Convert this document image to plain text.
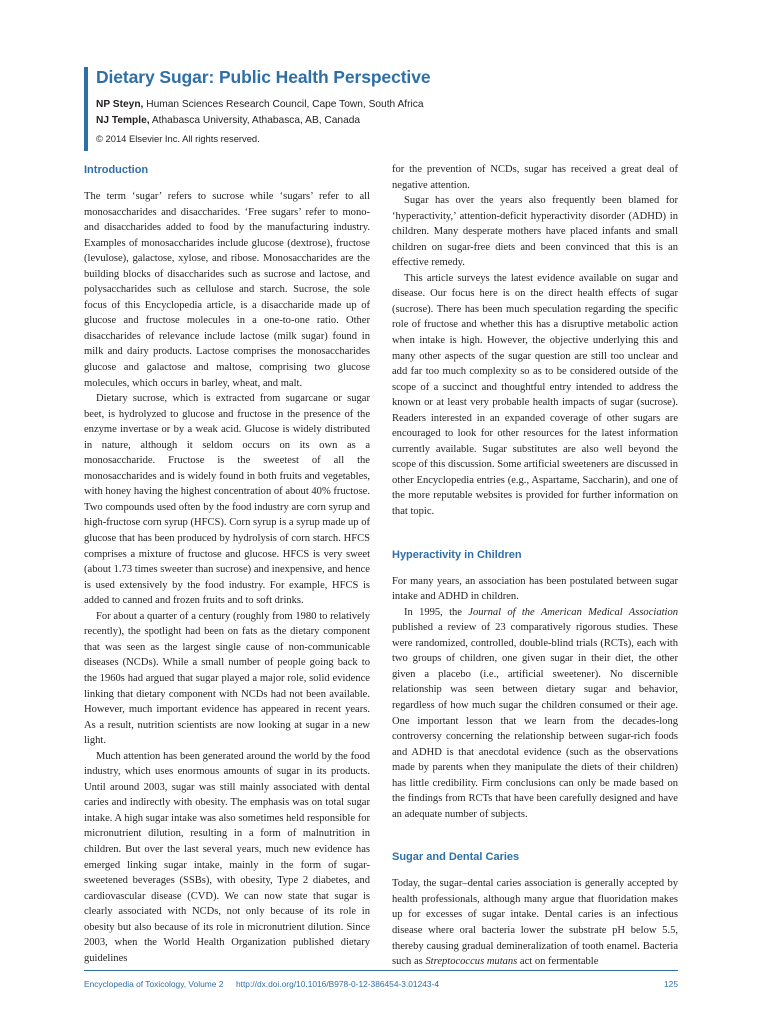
Dietary Sugar: Public Health Perspective
NP Steyn, Human Sciences Research Council, Cape Town, South Africa
NJ Temple, Athabasca University, Athabasca, AB, Canada
© 2014 Elsevier Inc. All rights reserved.
Introduction

The term ‘sugar’ refers to sucrose while ‘sugars’ refer to all monosaccharides and disaccharides. ‘Free sugars’ refer to mono- and disaccharides added to food by the manufacturing industry. Examples of monosaccharides include glucose (dextrose), fructose (levulose), galactose, xylose, and ribose. Monosaccharides are the building blocks of disaccharides such as sucrose and lactose, and polysaccharides such as cellulose and starch. Sucrose, the sole focus of this Encyclopedia article, is a disaccharide made up of glucose and fructose molecules in a one-to-one ratio. Other disaccharides of relevance include lactose (milk sugar) found in milk and dairy products. Lactose comprises the monosaccharides glucose and galactose and maltose, comprising two glucose molecules, which occurs in barley, wheat, and malt.

Dietary sucrose, which is extracted from sugarcane or sugar beet, is hydrolyzed to glucose and fructose in the presence of the enzyme invertase or by a weak acid. Glucose is widely distributed in nature, although it seldom occurs on its own as a monosaccharide. Fructose is the sweetest of all the monosaccharides and is widely found in both fruits and vegetables, with honey having the highest concentration of about 40% fructose. Two compounds used often by the food industry are corn syrup and high-fructose corn syrup (HFCS). Corn syrup is a syrup made up of glucose that has been produced by hydrolysis of corn starch. HFCS comprises a mixture of fructose and glucose. HFCS is very sweet (about 1.73 times sweeter than sucrose) and inexpensive, and hence is used extensively by the food industry. For example, HFCS is added to canned and frozen fruits and to soft drinks.

For about a quarter of a century (roughly from 1980 to relatively recently), the spotlight had been on fats as the dietary component that was seen as the largest single cause of non-communicable diseases (NCDs). While a small number of people going back to the 1960s had argued that sugar played a major role, solid evidence linking that dietary component with NCDs had not been available. However, much important evidence has appeared in recent years. As a result, nutrition scientists are now looking at sugar in a new light.

Much attention has been generated around the world by the food industry, which uses enormous amounts of sugar in its products. Until around 2003, sugar was still mainly associated with dental caries and indirectly with obesity. The emphasis was on total sugar intake. A high sugar intake was also sometimes held responsible for micronutrient dilution, resulting in a form of malnutrition in children. But over the last several years, much new evidence has emerged linking sugar intake, mainly in the form of sugar-sweetened beverages (SSBs), with obesity, Type 2 diabetes, and cardiovascular disease (CVD). We can now state that sugar is clearly associated with NCDs, not only because of its role in obesity but also because of its role in micronutrient dilution. Since 2003, when the World Health Organization published dietary guidelines

for the prevention of NCDs, sugar has received a great deal of negative attention.

Sugar has over the years also frequently been blamed for ‘hyperactivity,’ attention-deficit hyperactivity disorder (ADHD) in children. Many desperate mothers have placed infants and small children on sugar-free diets and been convinced that this is an effective remedy.

This article surveys the latest evidence available on sugar and disease. Our focus here is on the direct health effects of sugar (sucrose). There has been much speculation regarding the specific role of fructose and whether this has a disruptive metabolic action when intake is high. However, the objective underlying this and many other aspects of the sugar question are still too unclear and add far too much complexity so as to be considered outside of the scope of a succinct and thoughtful entry intended to address the known or at least very probable health impacts of sugar (sucrose). Readers interested in an expanded coverage of other sugars are encouraged to look for other resources for the latest information currently available. Sugar substitutes are also well beyond the scope of this discussion. Some artificial sweeteners are discussed in other Encyclopedia entries (e.g., Aspartame, Saccharin), and one of the more reputable websites is provided for further information on that topic.

Hyperactivity in Children

For many years, an association has been postulated between sugar intake and ADHD in children.

In 1995, the Journal of the American Medical Association published a review of 23 comparatively rigorous studies. These were randomized, controlled, double-blind trials (RCTs), each with two groups of children, one given sugar in their diet, the other given a placebo (i.e., artificial sweetener). No discernible relationship was seen between dietary sugar and behavior, regardless of how much sugar the children consumed or their age. One important lesson that we learn from the decades-long controversy concerning the relationship between sugar-rich foods and ADHD is that anecdotal evidence (such as the observations made by parents when they manipulate the diets of their children) has little credibility. Firm conclusions can only be made based on the findings from RCTs that have been carefully designed and have an adequate number of subjects.

Sugar and Dental Caries

Today, the sugar–dental caries association is generally accepted by health professionals, although many argue that fluoridation makes up for excesses of sugar intake. Dental caries is an infectious disease where oral bacteria lower the substrate pH below 5.5, thereby causing gradual demineralization of tooth enamel. Bacteria such as Streptococcus mutans act on fermentable

Encyclopedia of Toxicology, Volume 2 http://dx.doi.org/10.1016/B978-0-12-386454-3.01243-4	125
